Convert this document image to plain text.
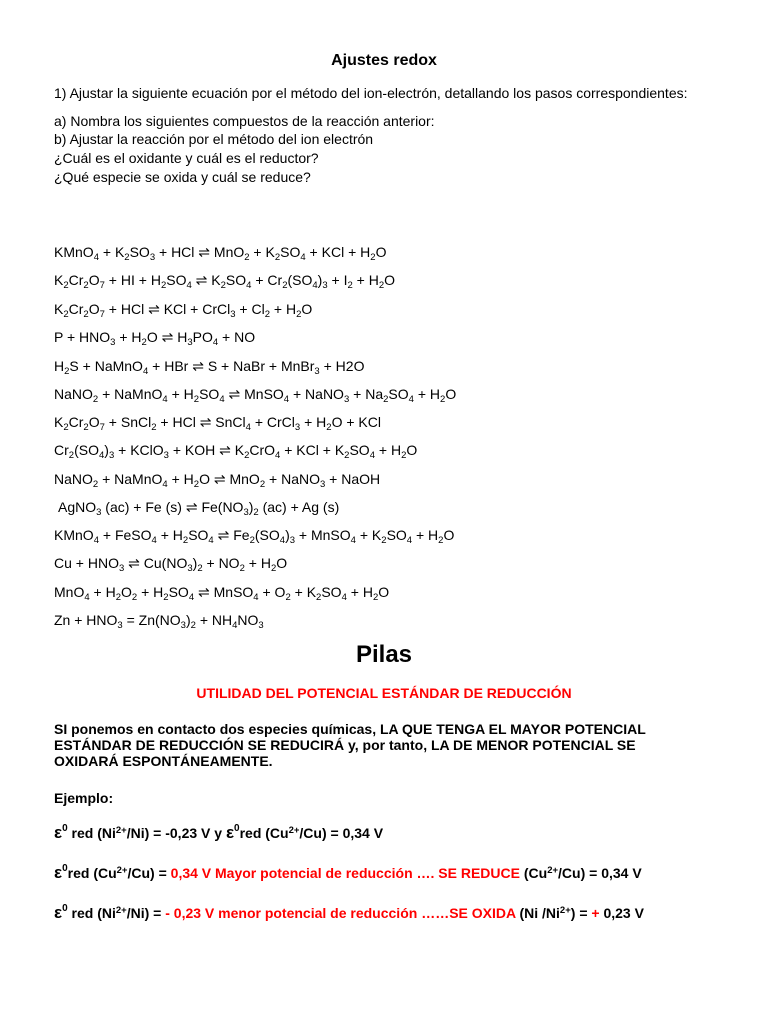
Ajustes redox
1) Ajustar la siguiente ecuación por el método del ion-electrón, detallando los pasos correspondientes:
a) Nombra los siguientes compuestos de la reacción anterior:
b) Ajustar la reacción por el método del ion electrón
¿Cuál es el oxidante y cuál es el reductor?
¿Qué especie se oxida y cuál se reduce?
KMnO$_4$ + $K_2SO_3$ + HCl ⇌ $MnO_2 + K_2SO_4$ + KCl + $H_2O$
$K_2Cr_2O_7$ + HI + $H_2SO_4$ ⇌ $K_2SO_4 + Cr_2(SO_4)_3 + I_2 + H_2O$
$K_2Cr_2O_7$ + HCl ⇌ KCl + CrCl$_3$ + $Cl_2 + H_2O$
$P + HNO_3 + H_2O$ ⇌ $H_3PO_4$ + NO
$H_2S$ + NaMnO$_4$ + HBr ⇌ S + NaBr + MnBr$_3$ + H2O
NaNO$_2$ + NaMnO$_4$ + $H_2SO_4$ ⇌ MnSO$_4$ + NaNO$_3$ + $Na_2SO_4 + H_2O$
$K_2Cr_2O_7$ + SnCl$_2$ + HCl ⇌ SnCl$_4$ + CrCl$_3$ + $H_2O$ + KCl
$Cr_2(SO_4)_3$ + KClO$_3$ + KOH ⇌ $K_2CrO_4$ + KCl + $K_2SO_4 + H_2O$
NaNO$_2$ + NaMnO$_4$ + $H_2O$ ⇌ MnO$_2$ + NaNO$_3$ + NaOH
AgNO$_3$ (ac) + Fe (s) ⇌ $Fe(NO_3)_2$ (ac) + Ag (s)
KMnO$_4$ + FeSO$_4$ + $H_2SO_4$ ⇌ $Fe_2(SO_4)_3$ + MnSO$_4$ + $K_2SO_4 + H_2O$
$Cu + HNO_3$ ⇌ $Cu(NO_3)_2 + NO_2 + H_2O$
$MnO_4 + H_2O_2 + H_2SO_4$ ⇌ MnSO$_4$ + $O_2 + K_2SO_4 + H_2O$
$Zn + HNO_3 = Zn(NO_3)_2 + NH_4NO_3$
Pilas
UTILIDAD DEL POTENCIAL ESTÁNDAR DE REDUCCIÓN
SI ponemos en contacto dos especies químicas, LA QUE TENGA EL MAYOR POTENCIAL ESTÁNDAR DE REDUCCIÓN SE REDUCIRÁ y, por tanto, LA DE MENOR POTENCIAL SE OXIDARÁ ESPONTÁNEAMENTE.
Ejemplo:
$\varepsilon^0$ red $(Ni^{2+}/Ni) = -0,23$ V y $\varepsilon^0red$ $(Cu^{2+}/Cu) = 0,34$ V
$\varepsilon^0red$ $(Cu^{2+}/Cu) = 0,34$ V Mayor potencial de reducción …. SE REDUCE $(Cu^{2+}/Cu) = 0,34$ V
$\varepsilon^0$ red $(Ni^{2+}/Ni)$ = - 0,23 V menor potencial de reducción ……SE OXIDA (Ni $/Ni^{2+}$) = + 0,23 V
